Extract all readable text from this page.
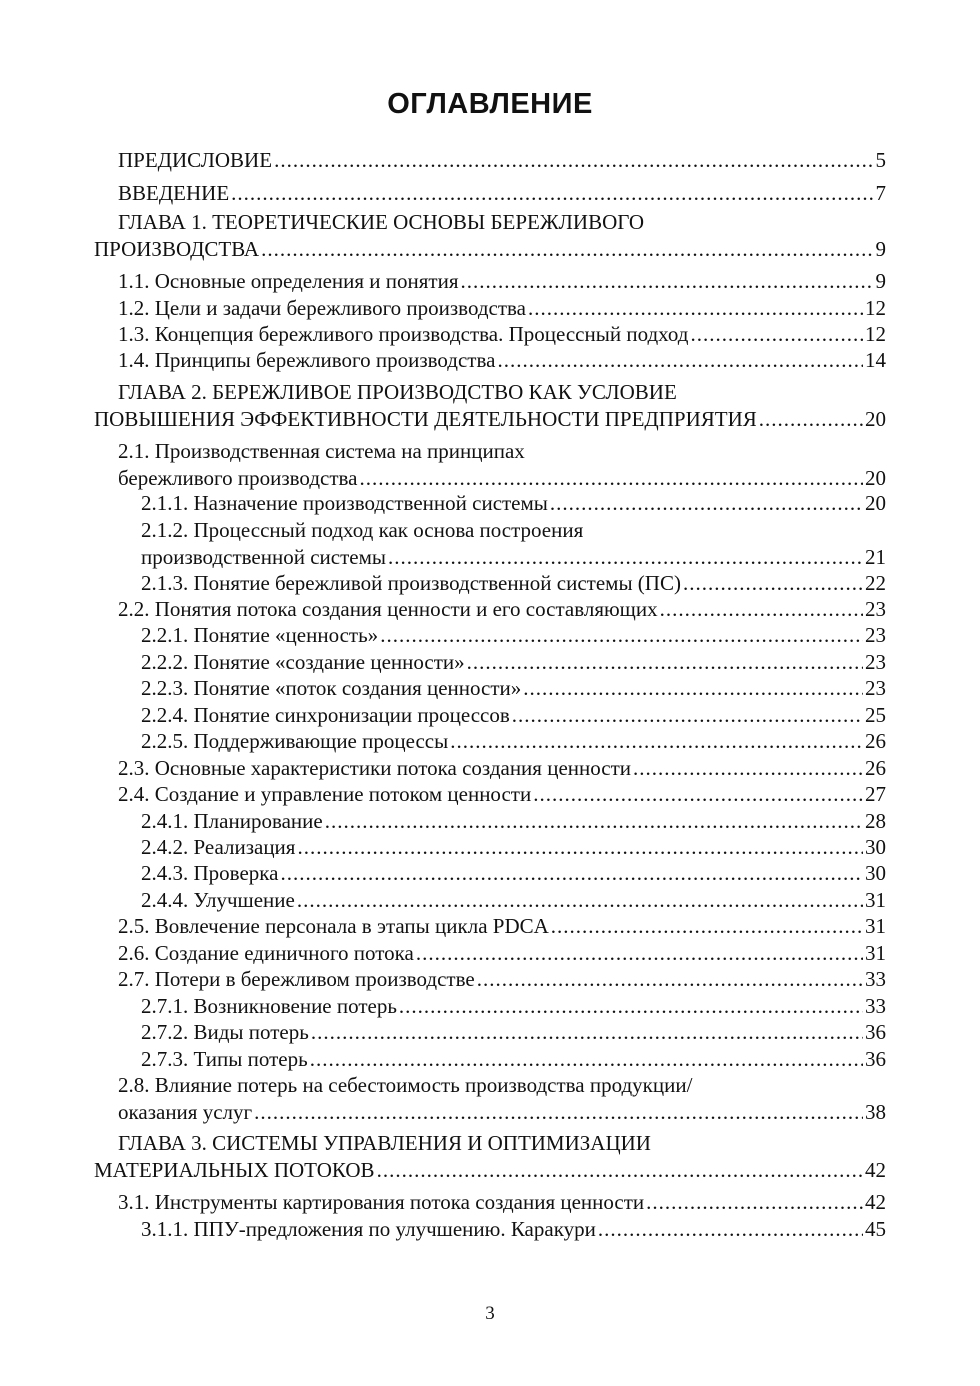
ОГЛАВЛЕНИЕ
ПРЕДИСЛОВИЕ .....	5
ВВЕДЕНИЕ .....	7
ГЛАВА 1. ТЕОРЕТИЧЕСКИЕ ОСНОВЫ БЕРЕЖЛИВОГО
ПРОИЗВОДСТВА .....	9
1.1. Основные определения и понятия .....	9
1.2. Цели и задачи бережливого производства .....	12
1.3. Концепция бережливого производства. Процессный подход .....	12
1.4. Принципы бережливого производства .....	14
ГЛАВА 2. БЕРЕЖЛИВОЕ ПРОИЗВОДСТВО КАК УСЛОВИЕ
ПОВЫШЕНИЯ ЭФФЕКТИВНОСТИ ДЕЯТЕЛЬНОСТИ ПРЕДПРИЯТИЯ .....	20
2.1. Производственная система на принципах
бережливого производства .....	20
2.1.1. Назначение производственной системы .....	20
2.1.2. Процессный подход как основа построения
производственной системы .....	21
2.1.3. Понятие бережливой производственной системы (ПС) .....	22
2.2. Понятия потока создания ценности и его составляющих .....	23
2.2.1. Понятие «ценность» .....	23
2.2.2. Понятие «создание ценности» .....	23
2.2.3. Понятие «поток создания ценности» .....	23
2.2.4. Понятие синхронизации процессов .....	25
2.2.5. Поддерживающие процессы .....	26
2.3. Основные характеристики потока создания ценности .....	26
2.4. Создание и управление потоком ценности .....	27
2.4.1. Планирование .....	28
2.4.2. Реализация .....	30
2.4.3. Проверка .....	30
2.4.4. Улучшение .....	31
2.5. Вовлечение персонала в этапы цикла PDCA .....	31
2.6. Создание единичного потока .....	31
2.7. Потери в бережливом производстве .....	33
2.7.1. Возникновение потерь .....	33
2.7.2. Виды потерь .....	36
2.7.3. Типы потерь .....	36
2.8. Влияние потерь на себестоимость производства продукции/
оказания услуг .....	38
ГЛАВА 3. СИСТЕМЫ УПРАВЛЕНИЯ И ОПТИМИЗАЦИИ
МАТЕРИАЛЬНЫХ ПОТОКОВ .....	42
3.1. Инструменты картирования потока создания ценности .....	42
3.1.1. ППУ-предложения по улучшению. Каракури .....	45
3
